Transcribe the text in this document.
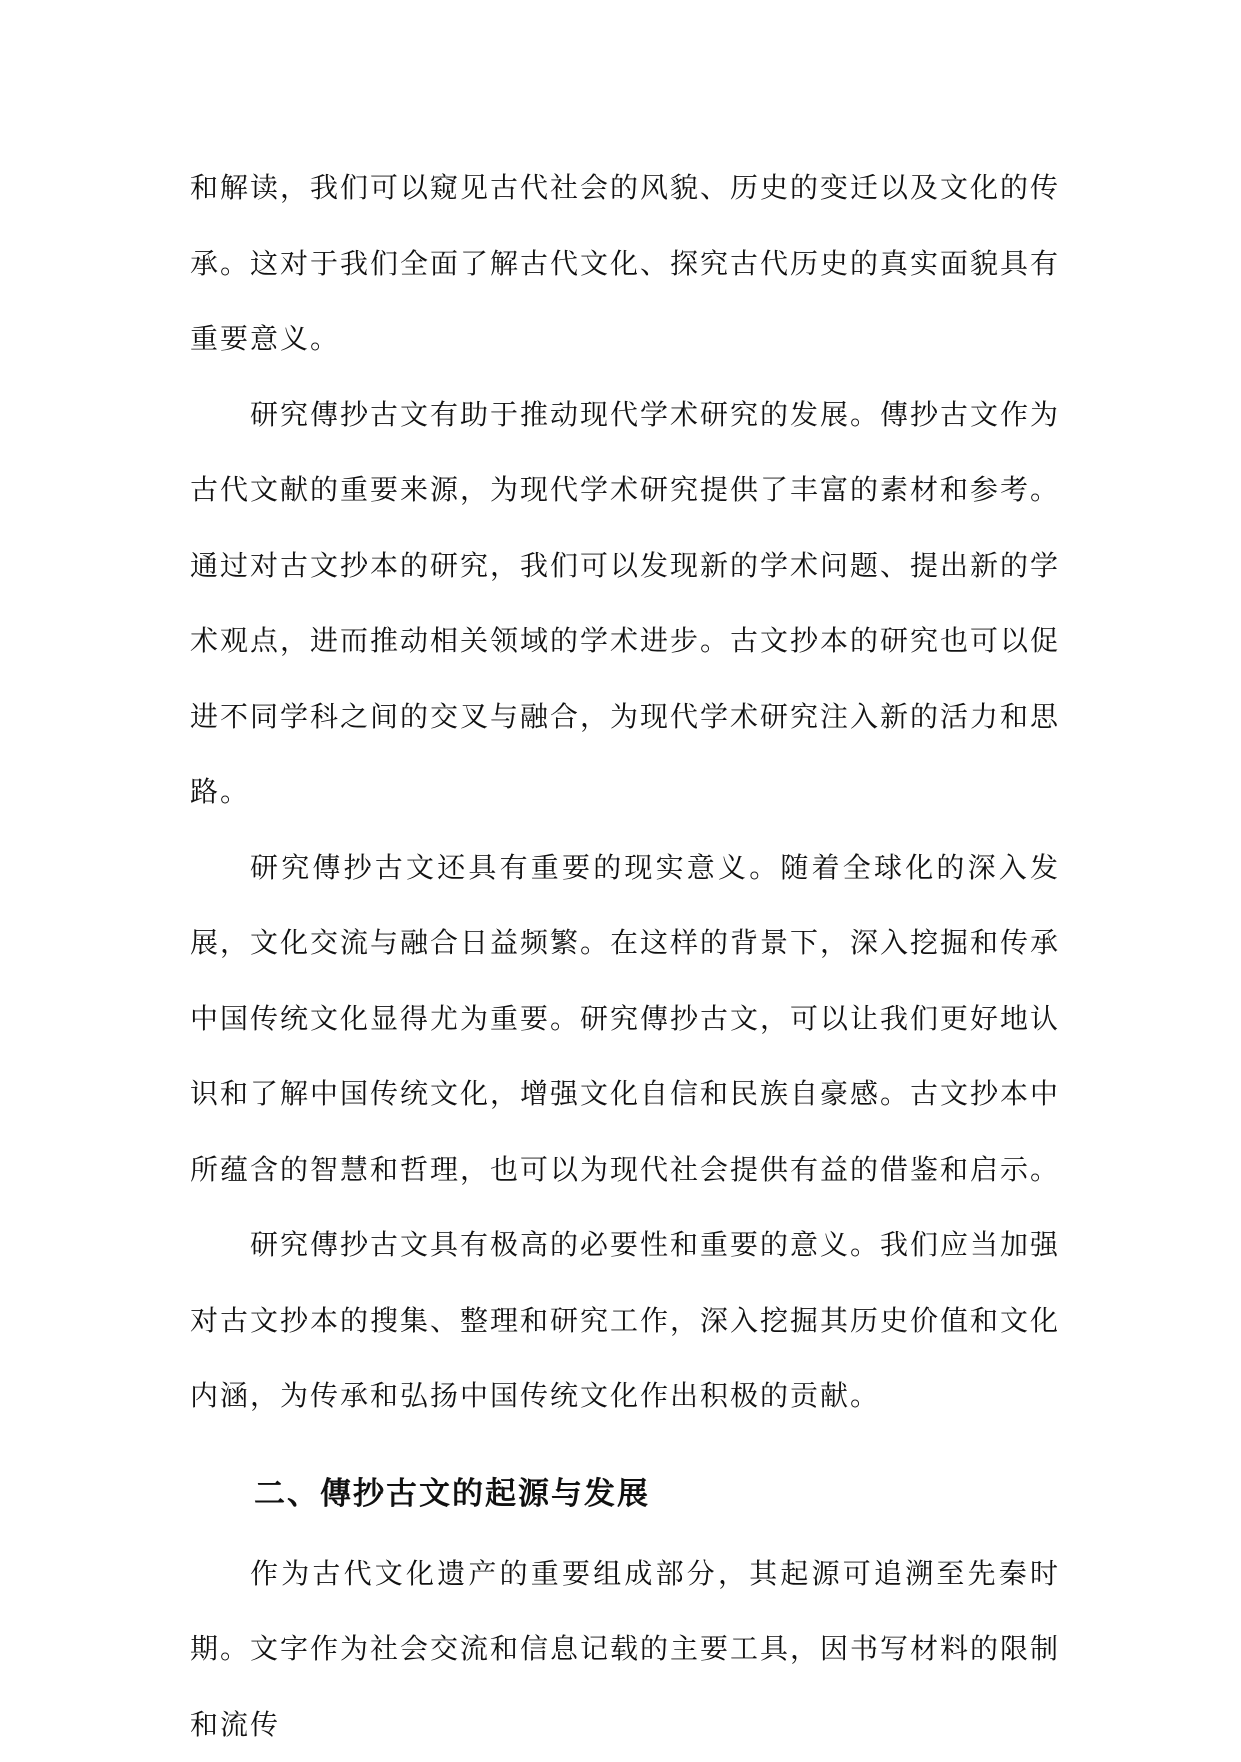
和解读，我们可以窥见古代社会的风貌、历史的变迁以及文化的传承。这对于我们全面了解古代文化、探究古代历史的真实面貌具有重要意义。

研究傳抄古文有助于推动现代学术研究的发展。傳抄古文作为古代文献的重要来源，为现代学术研究提供了丰富的素材和参考。通过对古文抄本的研究，我们可以发现新的学术问题、提出新的学术观点，进而推动相关领域的学术进步。古文抄本的研究也可以促进不同学科之间的交叉与融合，为现代学术研究注入新的活力和思路。

研究傳抄古文还具有重要的现实意义。随着全球化的深入发展，文化交流与融合日益频繁。在这样的背景下，深入挖掘和传承中国传统文化显得尤为重要。研究傳抄古文，可以让我们更好地认识和了解中国传统文化，增强文化自信和民族自豪感。古文抄本中所蕴含的智慧和哲理，也可以为现代社会提供有益的借鉴和启示。

研究傳抄古文具有极高的必要性和重要的意义。我们应当加强对古文抄本的搜集、整理和研究工作，深入挖掘其历史价值和文化内涵，为传承和弘扬中国传统文化作出积极的贡献。

二、傳抄古文的起源与发展

作为古代文化遗产的重要组成部分，其起源可追溯至先秦时期。文字作为社会交流和信息记载的主要工具，因书写材料的限制和流传
